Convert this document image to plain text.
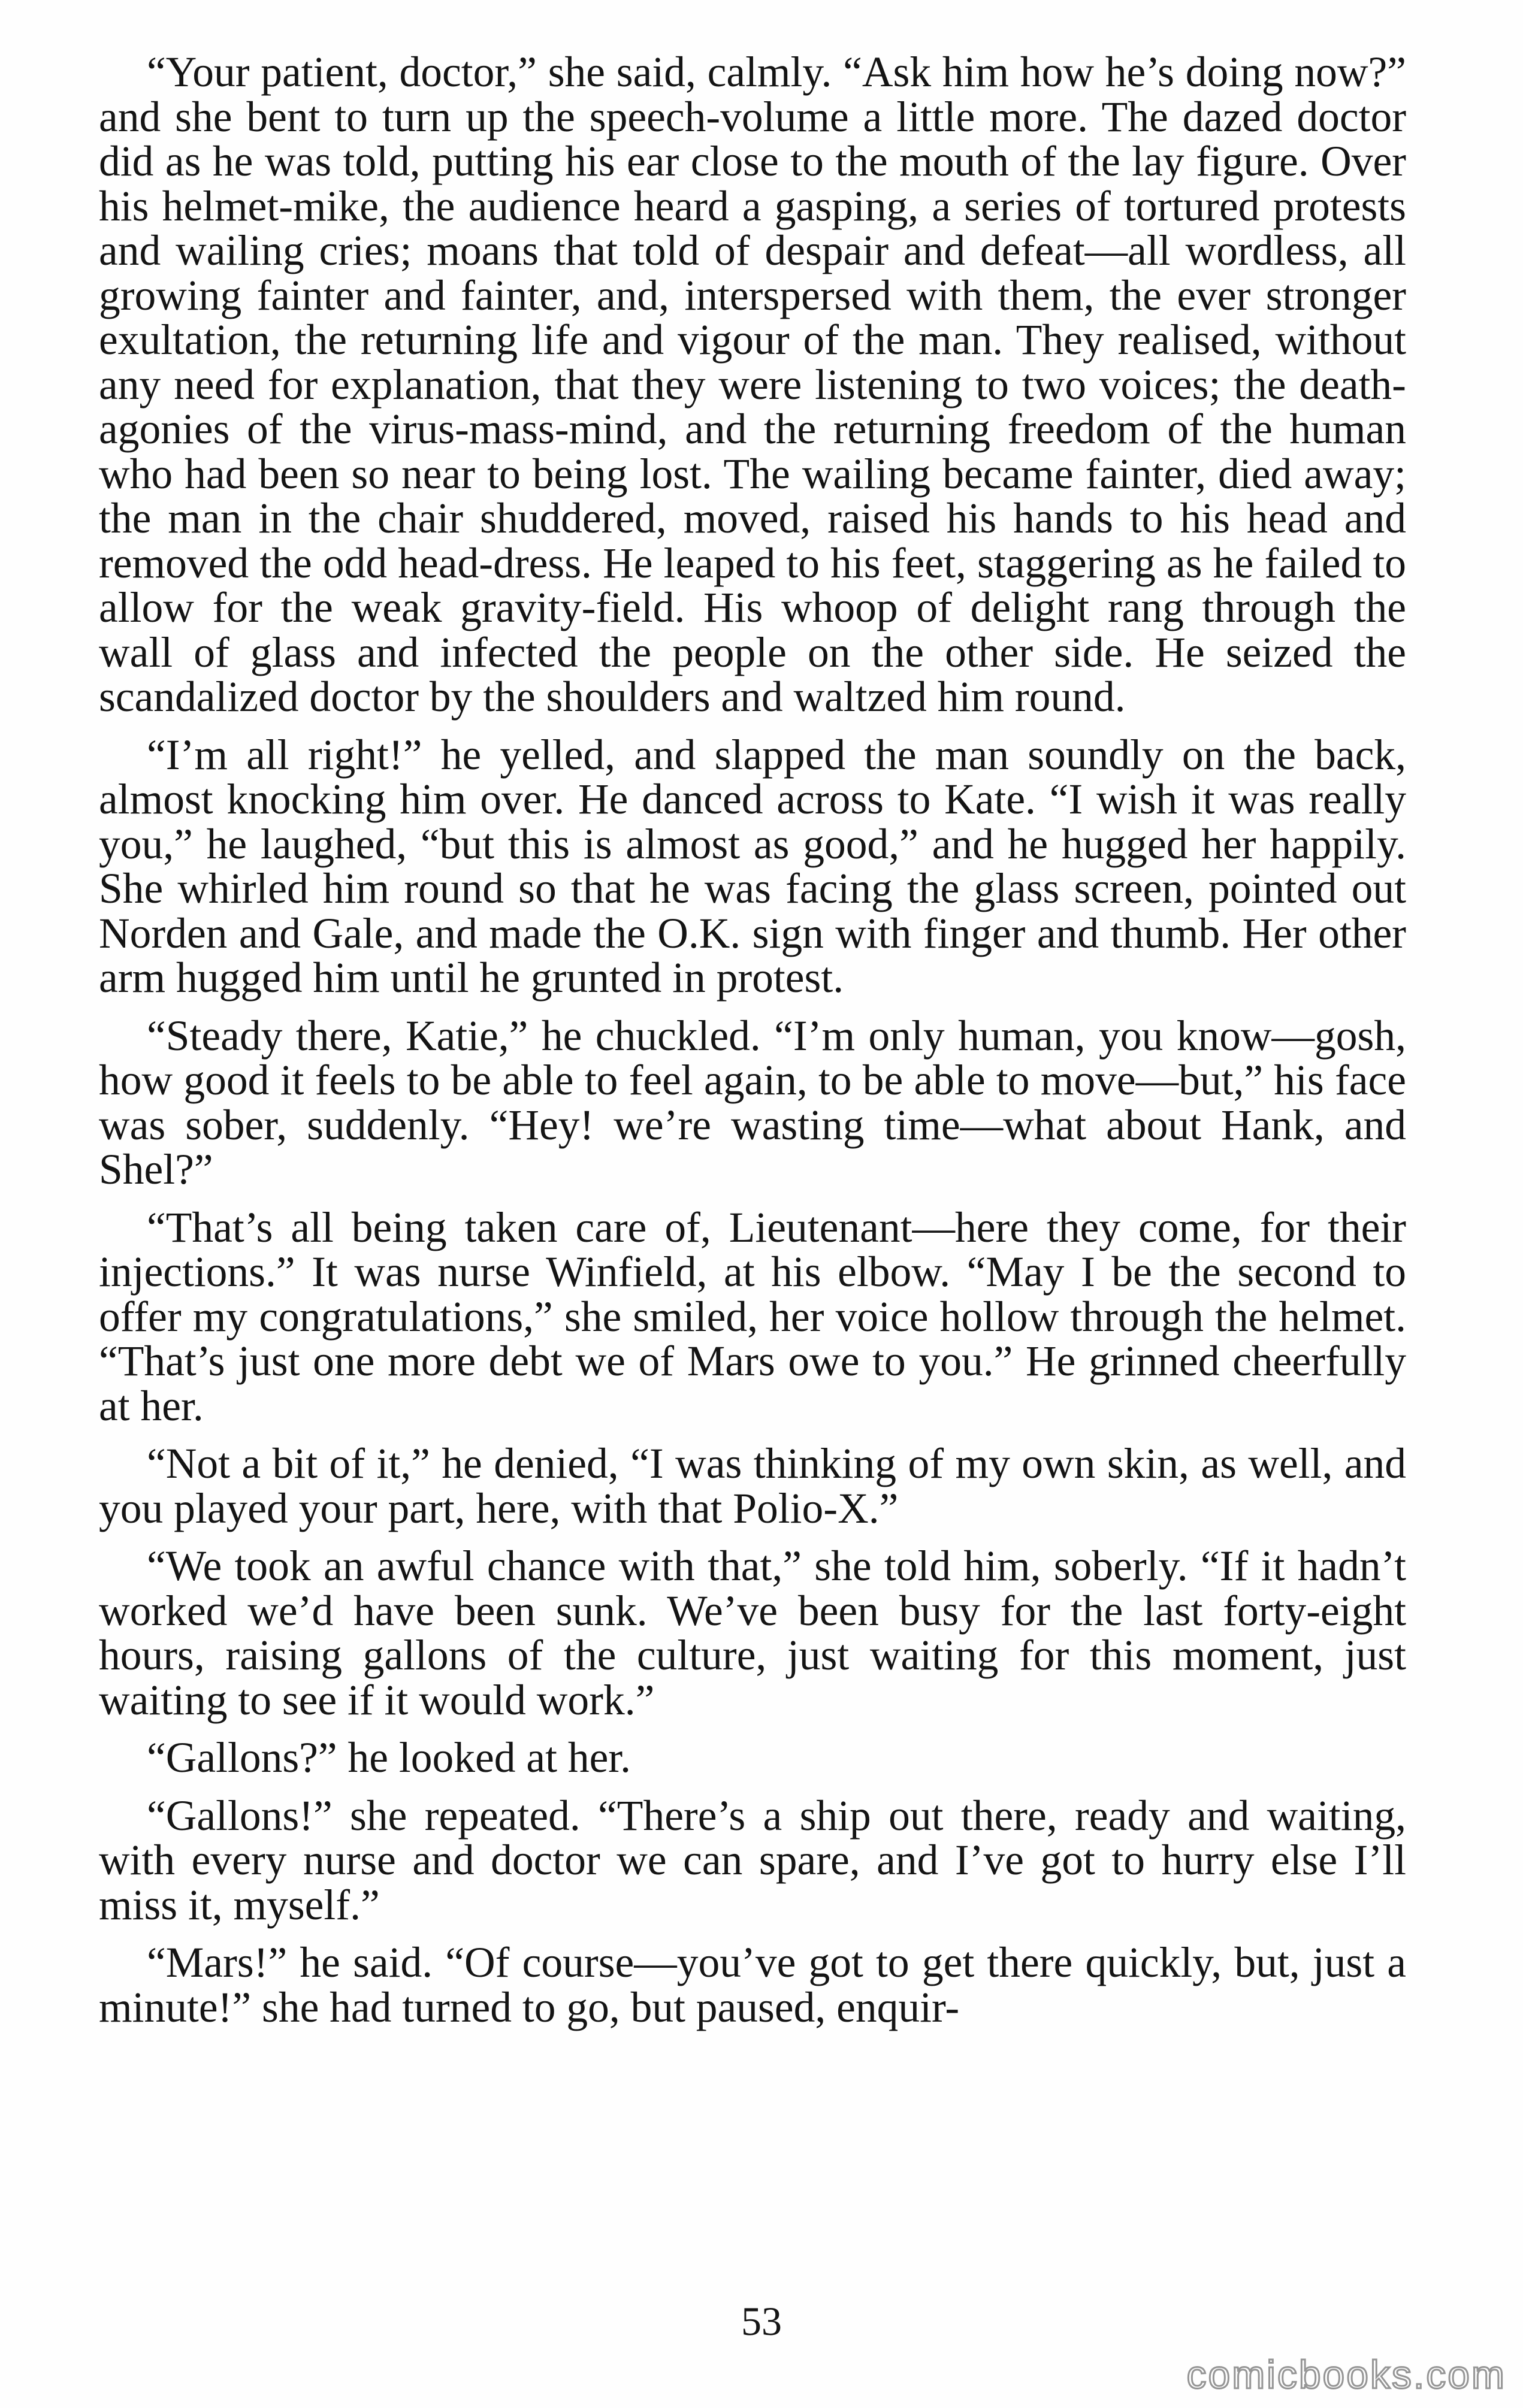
“Your patient, doctor,” she said, calmly. “Ask him how he’s doing now?” and she bent to turn up the speech-volume a little more. The dazed doctor did as he was told, putting his ear close to the mouth of the lay figure. Over his helmet-mike, the audience heard a gasping, a series of tortured protests and wailing cries; moans that told of despair and defeat—all wordless, all growing fainter and fainter, and, interspersed with them, the ever stronger exultation, the returning life and vigour of the man. They realised, without any need for explanation, that they were listening to two voices; the death-agonies of the virus-mass-mind, and the returning freedom of the human who had been so near to being lost. The wailing became fainter, died away; the man in the chair shuddered, moved, raised his hands to his head and removed the odd head-dress. He leaped to his feet, staggering as he failed to allow for the weak gravity-field. His whoop of delight rang through the wall of glass and infected the people on the other side. He seized the scandalized doctor by the shoulders and waltzed him round.

“I’m all right!” he yelled, and slapped the man soundly on the back, almost knocking him over. He danced across to Kate. “I wish it was really you,” he laughed, “but this is almost as good,” and he hugged her happily. She whirled him round so that he was facing the glass screen, pointed out Norden and Gale, and made the O.K. sign with finger and thumb. Her other arm hugged him until he grunted in protest.

“Steady there, Katie,” he chuckled. “I’m only human, you know—gosh, how good it feels to be able to feel again, to be able to move—but,” his face was sober, suddenly. “Hey! we’re wasting time—what about Hank, and Shel?”

“That’s all being taken care of, Lieutenant—here they come, for their injections.” It was nurse Winfield, at his elbow. “May I be the second to offer my congratulations,” she smiled, her voice hollow through the helmet. “That’s just one more debt we of Mars owe to you.” He grinned cheerfully at her.

“Not a bit of it,” he denied, “I was thinking of my own skin, as well, and you played your part, here, with that Polio-X.”

“We took an awful chance with that,” she told him, soberly. “If it hadn’t worked we’d have been sunk. We’ve been busy for the last forty-eight hours, raising gallons of the culture, just waiting for this moment, just waiting to see if it would work.”

“Gallons?” he looked at her.

“Gallons!” she repeated. “There’s a ship out there, ready and waiting, with every nurse and doctor we can spare, and I’ve got to hurry else I’ll miss it, myself.”

“Mars!” he said. “Of course—you’ve got to get there quickly, but, just a minute!” she had turned to go, but paused, enquir-

53
comicbooks.com
